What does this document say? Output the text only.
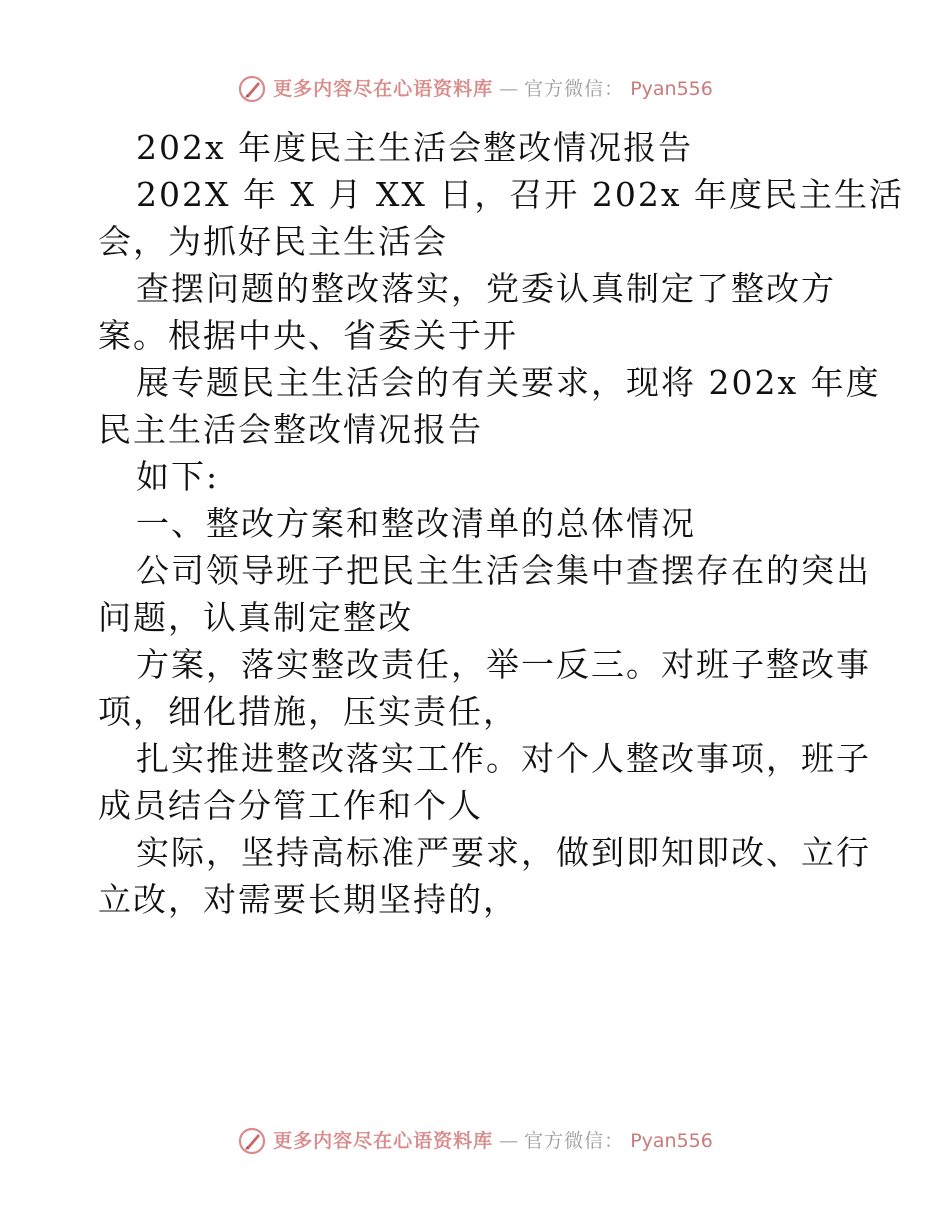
更多内容尽在心语资料库 — 官方微信： Pyan556
202x 年度民主生活会整改情况报告
202X 年 X 月 XX 日，召开 202x 年度民主生活
会，为抓好民主生活会
查摆问题的整改落实，党委认真制定了整改方
案。根据中央、省委关于开
展专题民主生活会的有关要求，现将 202x 年度
民主生活会整改情况报告
如下:
一、整改方案和整改清单的总体情况
公司领导班子把民主生活会集中查摆存在的突出
问题，认真制定整改
方案，落实整改责任，举一反三。对班子整改事
项，细化措施，压实责任，
扎实推进整改落实工作。对个人整改事项，班子
成员结合分管工作和个人
实际，坚持高标准严要求，做到即知即改、立行
立改，对需要长期坚持的，
更多内容尽在心语资料库 — 官方微信： Pyan556
